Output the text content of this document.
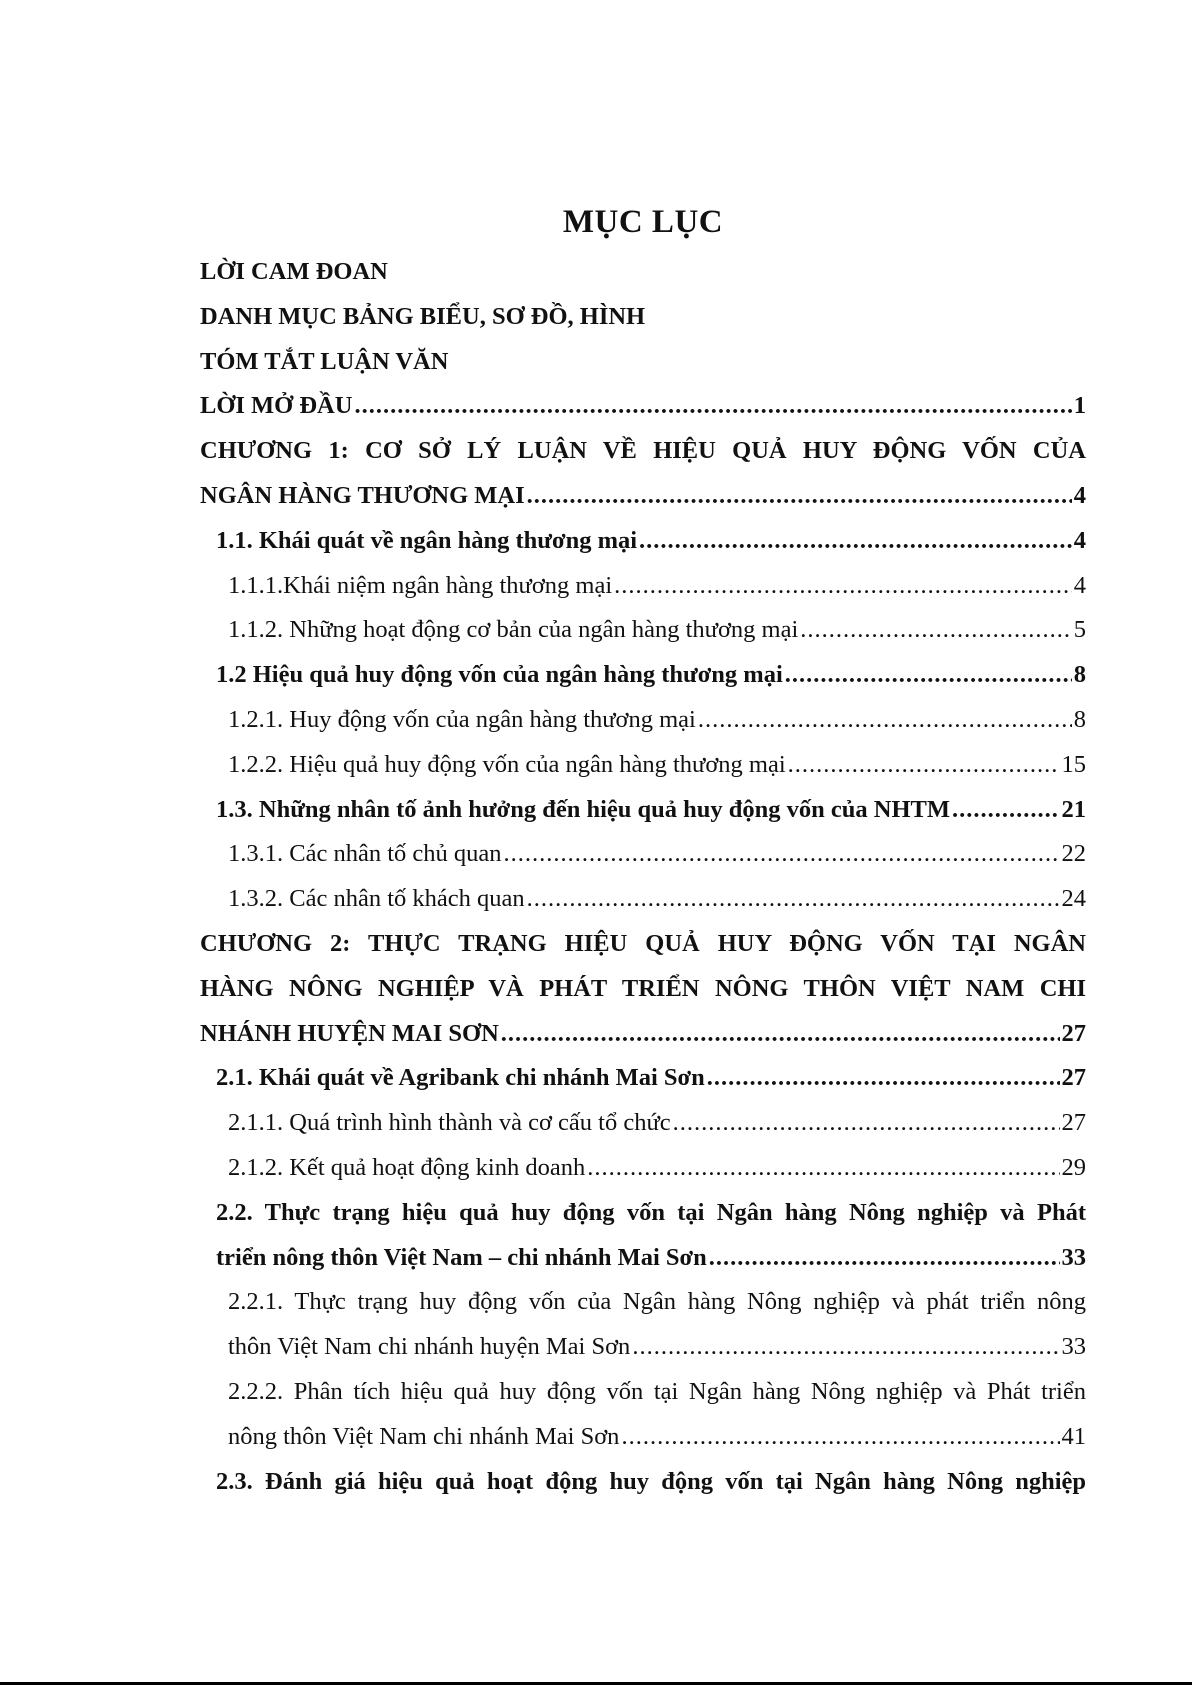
MỤC LỤC
LỜI CAM ĐOAN
DANH MỤC BẢNG BIỂU, SƠ ĐỒ, HÌNH
TÓM TẮT LUẬN VĂN
LỜI MỞ ĐẦU .....	1
CHƯƠNG 1: CƠ SỞ LÝ LUẬN VỀ HIỆU QUẢ HUY ĐỘNG VỐN CỦA
NGÂN HÀNG THƯƠNG MẠI .....	4
1.1. Khái quát về ngân hàng thương mại .....	4
1.1.1.Khái niệm ngân hàng thương mại .....	4
1.1.2. Những hoạt động cơ bản của ngân hàng thương mại .....	5
1.2 Hiệu quả huy động vốn của ngân hàng thương mại .....	8
1.2.1. Huy động vốn của ngân hàng thương mại .....	8
1.2.2. Hiệu quả huy động vốn của ngân hàng thương mại .....	15
1.3. Những nhân tố ảnh hưởng đến hiệu quả huy động vốn của NHTM .....	21
1.3.1. Các nhân tố chủ quan .....	22
1.3.2. Các nhân tố khách quan .....	24
CHƯƠNG 2: THỰC TRẠNG HIỆU QUẢ HUY ĐỘNG VỐN TẠI NGÂN
HÀNG NÔNG NGHIỆP VÀ PHÁT TRIỂN NÔNG THÔN VIỆT NAM CHI
NHÁNH HUYỆN MAI SƠN .....	27
2.1. Khái quát về Agribank chi nhánh Mai Sơn .....	27
2.1.1. Quá trình hình thành và cơ cấu tổ chức .....	27
2.1.2. Kết quả hoạt động kinh doanh .....	29
2.2. Thực trạng hiệu quả huy động vốn tại Ngân hàng Nông nghiệp và Phát
triển nông thôn Việt Nam – chi nhánh Mai Sơn .....	33
2.2.1. Thực trạng huy động vốn của Ngân hàng Nông nghiệp và phát triển nông
thôn Việt Nam chi nhánh huyện Mai Sơn .....	33
2.2.2. Phân tích hiệu quả huy động vốn tại Ngân hàng Nông nghiệp và Phát triển
nông thôn Việt Nam chi nhánh Mai Sơn .....	41
2.3. Đánh giá hiệu quả hoạt động huy động vốn tại Ngân hàng Nông nghiệp
